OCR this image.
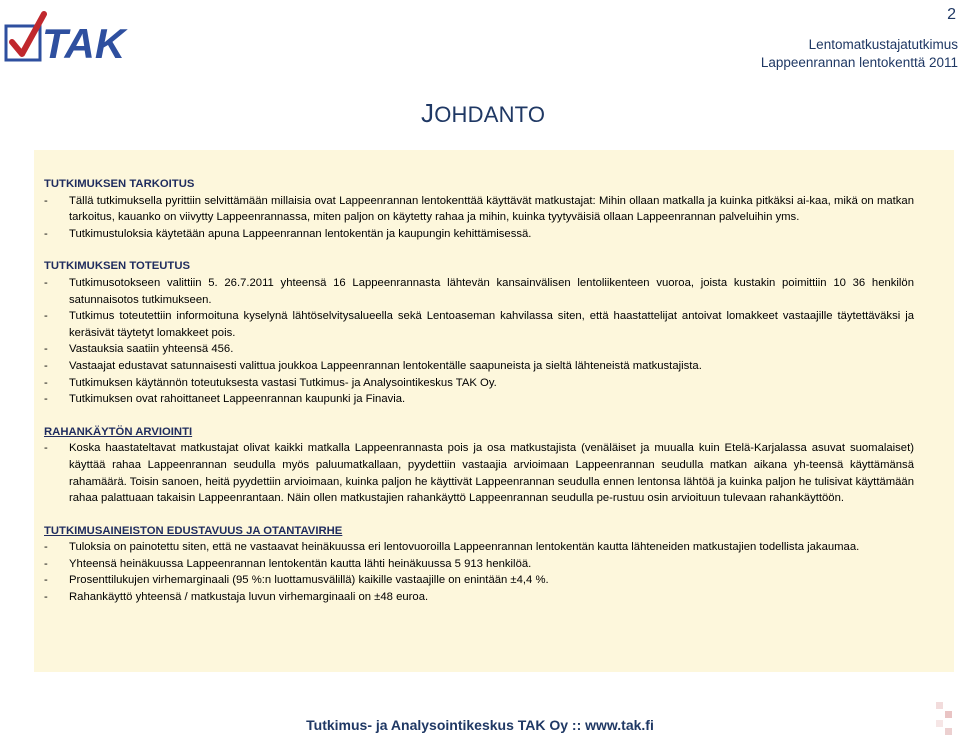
TAK
2
Lentomatkustajatutkimus
Lappeenrannan lentokenttä 2011
JOHDANTO
TUTKIMUKSEN TARKOITUS
-	Tällä tutkimuksella pyrittiin selvittämään millaisia ovat Lappeenrannan lentokenttää käyttävät matkustajat: Mihin ollaan matkalla ja kuinka pitkäksi ai-kaa, mikä on matkan tarkoitus, kauanko on viivytty Lappeenrannassa, miten paljon on käytetty rahaa ja mihin, kuinka tyytyväisiä ollaan Lappeenrannan palveluihin yms.
-	Tutkimustuloksia käytetään apuna Lappeenrannan lentokentän ja kaupungin kehittämisessä.
TUTKIMUKSEN TOTEUTUS
-	Tutkimusotokseen valittiin 5. 26.7.2011 yhteensä 16 Lappeenrannasta lähtevän kansainvälisen lentoliikenteen vuoroa, joista kustakin poimittiin 10 36 henkilön satunnaisotos tutkimukseen.
-	Tutkimus toteutettiin informoituna kyselynä lähtöselvitysalueella sekä Lentoaseman kahvilassa siten, että haastattelijat antoivat lomakkeet vastaajille täytettäväksi ja keräsivät täytetyt lomakkeet pois.
-	Vastauksia saatiin yhteensä 456.
-	Vastaajat edustavat satunnaisesti valittua joukkoa Lappeenrannan lentokentälle saapuneista ja sieltä lähteneistä matkustajista.
-	Tutkimuksen käytännön toteutuksesta vastasi Tutkimus- ja Analysointikeskus TAK Oy.
-	Tutkimuksen ovat rahoittaneet Lappeenrannan kaupunki ja Finavia.
RAHANKÄYTÖN ARVIOINTI
-	Koska haastateltavat matkustajat olivat kaikki matkalla Lappeenrannasta pois ja osa matkustajista (venäläiset ja muualla kuin Etelä-Karjalassa asuvat suomalaiset) käyttää rahaa Lappeenrannan seudulla myös paluumatkallaan, pyydettiin vastaajia arvioimaan Lappeenrannan seudulla matkan aikana yh-teensä käyttämänsä rahamäärä. Toisin sanoen, heitä pyydettiin arvioimaan, kuinka paljon he käyttivät Lappeenrannan seudulla ennen lentonsa lähtöä ja kuinka paljon he tulisivat käyttämään rahaa palattuaan takaisin Lappeenrantaan. Näin ollen matkustajien rahankäyttö Lappeenrannan seudulla pe-rustuu osin arvioituun tulevaan rahankäyttöön.
TUTKIMUSAINEISTON EDUSTAVUUS JA OTANTAVIRHE
-	Tuloksia on painotettu siten, että ne vastaavat heinäkuussa eri lentovuoroilla Lappeenrannan lentokentän kautta lähteneiden matkustajien todellista jakaumaa.
-	Yhteensä heinäkuussa Lappeenrannan lentokentän kautta lähti heinäkuussa 5 913 henkilöä.
-	Prosenttilukujen virhemarginaali (95 %:n luottamusvälillä) kaikille vastaajille on enintään ±4,4 %.
-	Rahankäyttö yhteensä / matkustaja luvun virhemarginaali on ±48 euroa.
Tutkimus- ja Analysointikeskus TAK Oy :: www.tak.fi
